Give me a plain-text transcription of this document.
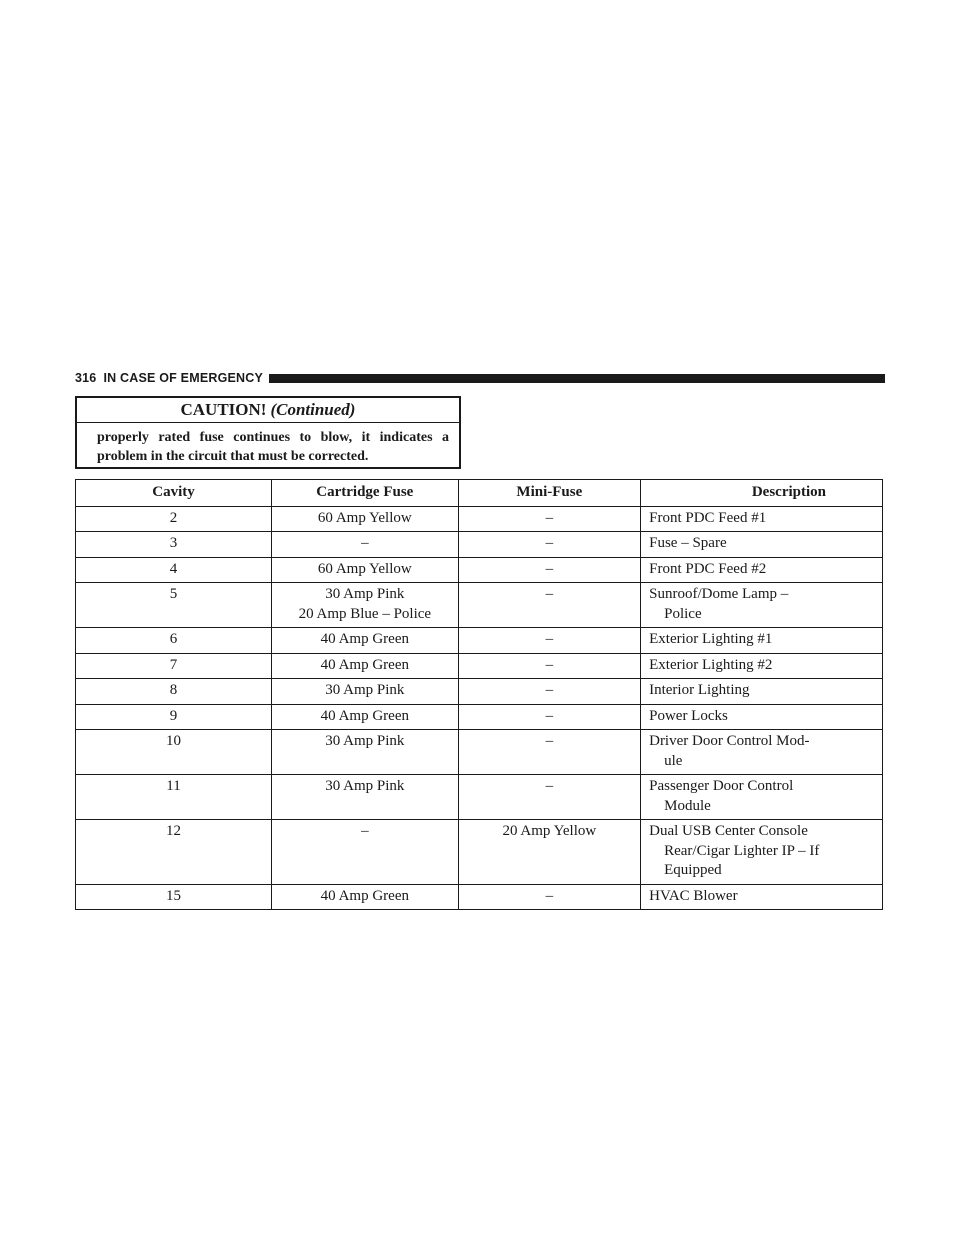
316 IN CASE OF EMERGENCY
CAUTION! (Continued)
properly rated fuse continues to blow, it indicates a problem in the circuit that must be corrected.
Cavity	Cartridge Fuse	Mini-Fuse	Description
2	60 Amp Yellow	–	Front PDC Feed #1

3	–	–	Fuse – Spare

4	60 Amp Yellow	–	Front PDC Feed #2

5	30 Amp Pink
20 Amp Blue – Police	–	Sunroof/Dome Lamp –
Police

6	40 Amp Green	–	Exterior Lighting #1

7	40 Amp Green	–	Exterior Lighting #2

8	30 Amp Pink	–	Interior Lighting

9	40 Amp Green	–	Power Locks

10	30 Amp Pink	–	Driver Door Control Mod-
ule

11	30 Amp Pink	–	Passenger Door Control
Module

12	–	20 Amp Yellow	Dual USB Center Console
Rear/Cigar Lighter IP – If
Equipped

15	40 Amp Green	–	HVAC Blower
